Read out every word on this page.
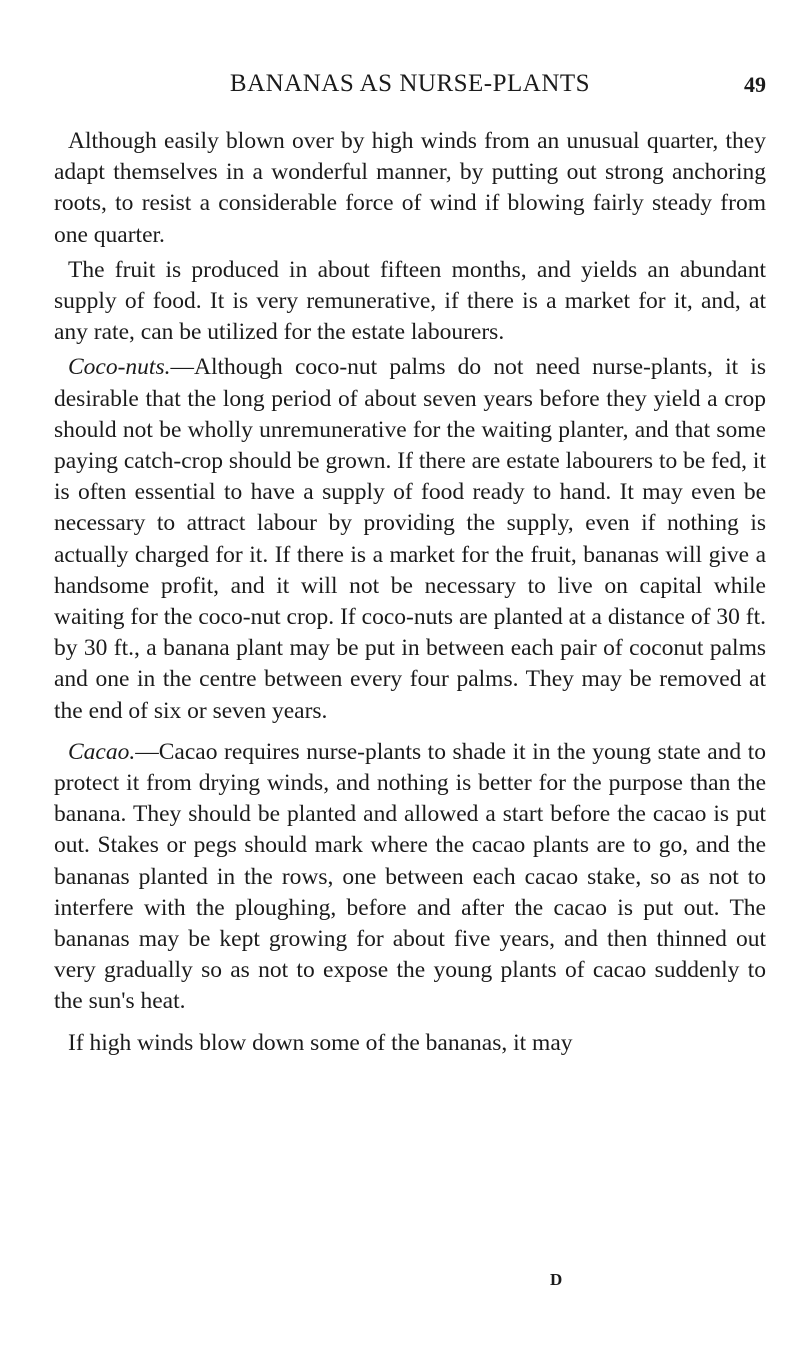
BANANAS AS NURSE-PLANTS	49

Although easily blown over by high winds from an unusual quarter, they adapt themselves in a wonderful manner, by putting out strong anchoring roots, to resist a considerable force of wind if blowing fairly steady from one quarter.

The fruit is produced in about fifteen months, and yields an abundant supply of food. It is very remunerative, if there is a market for it, and, at any rate, can be utilized for the estate labourers.

Coco-nuts.—Although coco-nut palms do not need nurse-plants, it is desirable that the long period of about seven years before they yield a crop should not be wholly unremunerative for the waiting planter, and that some paying catch-crop should be grown. If there are estate labourers to be fed, it is often essential to have a supply of food ready to hand. It may even be necessary to attract labour by providing the supply, even if nothing is actually charged for it. If there is a market for the fruit, bananas will give a handsome profit, and it will not be necessary to live on capital while waiting for the coco-nut crop. If coco-nuts are planted at a distance of 30 ft. by 30 ft., a banana plant may be put in between each pair of coconut palms and one in the centre between every four palms. They may be removed at the end of six or seven years.

Cacao.—Cacao requires nurse-plants to shade it in the young state and to protect it from drying winds, and nothing is better for the purpose than the banana. They should be planted and allowed a start before the cacao is put out. Stakes or pegs should mark where the cacao plants are to go, and the bananas planted in the rows, one between each cacao stake, so as not to interfere with the ploughing, before and after the cacao is put out. The bananas may be kept growing for about five years, and then thinned out very gradually so as not to expose the young plants of cacao suddenly to the sun's heat.

If high winds blow down some of the bananas, it may

D
